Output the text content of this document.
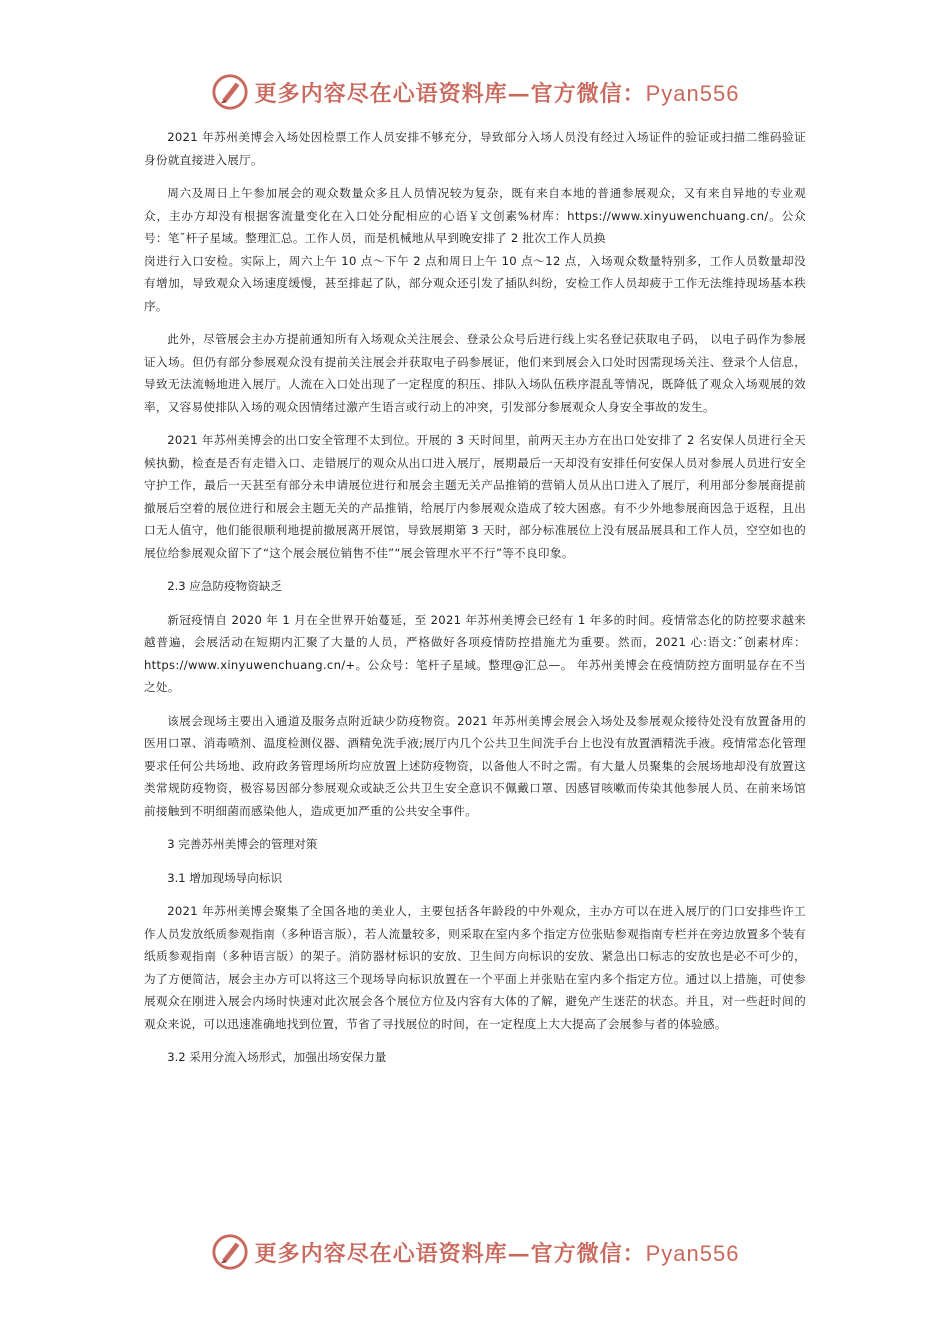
更多内容尽在心语资料库—官方微信：Pyan556

2021 年苏州美博会入场处因检票工作人员安排不够充分，导致部分入场人员没有经过入场证件的验证或扫描二维码验证身份就直接进入展厅。

周六及周日上午参加展会的观众数量众多且人员情况较为复杂，既有来自本地的普通参展观众，又有来自异地的专业观众，主办方却没有根据客流量变化在入口处分配相应的心语￥文创素%材库：https://www.xinyuwenchuang.cn/。公众号：笔˘杆子星域。整理汇总。工作人员，而是机械地从早到晚安排了 2 批次工作人员换

岗进行入口安检。实际上，周六上午 10 点～下午 2 点和周日上午 10 点～12 点，入场观众数量特别多，工作人员数量却没有增加，导致观众入场速度缓慢，甚至排起了队，部分观众还引发了插队纠纷，安检工作人员却疲于工作无法维持现场基本秩序。

此外，尽管展会主办方提前通知所有入场观众关注展会、登录公众号后进行线上实名登记获取电子码， 以电子码作为参展证入场。但仍有部分参展观众没有提前关注展会并获取电子码参展证，他们来到展会入口处时因需现场关注、登录个人信息，导致无法流畅地进入展厅。人流在入口处出现了一定程度的积压、排队入场队伍秩序混乱等情况，既降低了观众入场观展的效率，又容易使排队入场的观众因情绪过激产生语言或行动上的冲突，引发部分参展观众人身安全事故的发生。

2021 年苏州美博会的出口安全管理不太到位。开展的 3 天时间里，前两天主办方在出口处安排了 2 名安保人员进行全天候执勤，检查是否有走错入口、走错展厅的观众从出口进入展厅，展期最后一天却没有安排任何安保人员对参展人员进行安全守护工作，最后一天甚至有部分未申请展位进行和展会主题无关产品推销的营销人员从出口进入了展厅，利用部分参展商提前撤展后空着的展位进行和展会主题无关的产品推销，给展厅内参展观众造成了较大困惑。有不少外地参展商因急于返程，且出口无人值守，他们能很顺利地提前撤展离开展馆，导致展期第 3 天时，部分标准展位上没有展品展具和工作人员，空空如也的展位给参展观众留下了“这个展会展位销售不佳”“展会管理水平不行”等不良印象。

2.3 应急防疫物资缺乏

新冠疫情自 2020 年 1 月在全世界开始蔓延，至 2021 年苏州美博会已经有 1 年多的时间。疫情常态化的防控要求越来越普遍，会展活动在短期内汇聚了大量的人员，严格做好各项疫情防控措施尤为重要。然而，2021 心:语文:ˇ创素材库：https://www.xinyuwenchuang.cn/+。公众号：笔杆子星域。整理@汇总—。 年苏州美博会在疫情防控方面明显存在不当之处。

该展会现场主要出入通道及服务点附近缺少防疫物资。2021 年苏州美博会展会入场处及参展观众接待处没有放置备用的医用口罩、消毒喷剂、温度检测仪器、酒精免洗手液;展厅内几个公共卫生间洗手台上也没有放置酒精洗手液。疫情常态化管理要求任何公共场地、政府政务管理场所均应放置上述防疫物资，以备他人不时之需。有大量人员聚集的会展场地却没有放置这类常规防疫物资，极容易因部分参展观众或缺乏公共卫生安全意识不佩戴口罩、因感冒咳嗽而传染其他参展人员、在前来场馆前接触到不明细菌而感染他人，造成更加严重的公共安全事件。

3 完善苏州美博会的管理对策

3.1 增加现场导向标识

2021 年苏州美博会聚集了全国各地的美业人，主要包括各年龄段的中外观众，主办方可以在进入展厅的门口安排些许工作人员发放纸质参观指南（多种语言版），若人流量较多，则采取在室内多个指定方位张贴参观指南专栏并在旁边放置多个装有纸质参观指南（多种语言版）的架子。消防器材标识的安放、卫生间方向标识的安放、紧急出口标志的安放也是必不可少的，为了方便简洁，展会主办方可以将这三个现场导向标识放置在一个平面上并张贴在室内多个指定方位。通过以上措施，可使参展观众在刚进入展会内场时快速对此次展会各个展位方位及内容有大体的了解，避免产生迷茫的状态。并且，对一些赶时间的观众来说，可以迅速准确地找到位置，节省了寻找展位的时间，在一定程度上大大提高了会展参与者的体验感。

3.2 采用分流入场形式，加强出场安保力量

更多内容尽在心语资料库—官方微信：Pyan556
